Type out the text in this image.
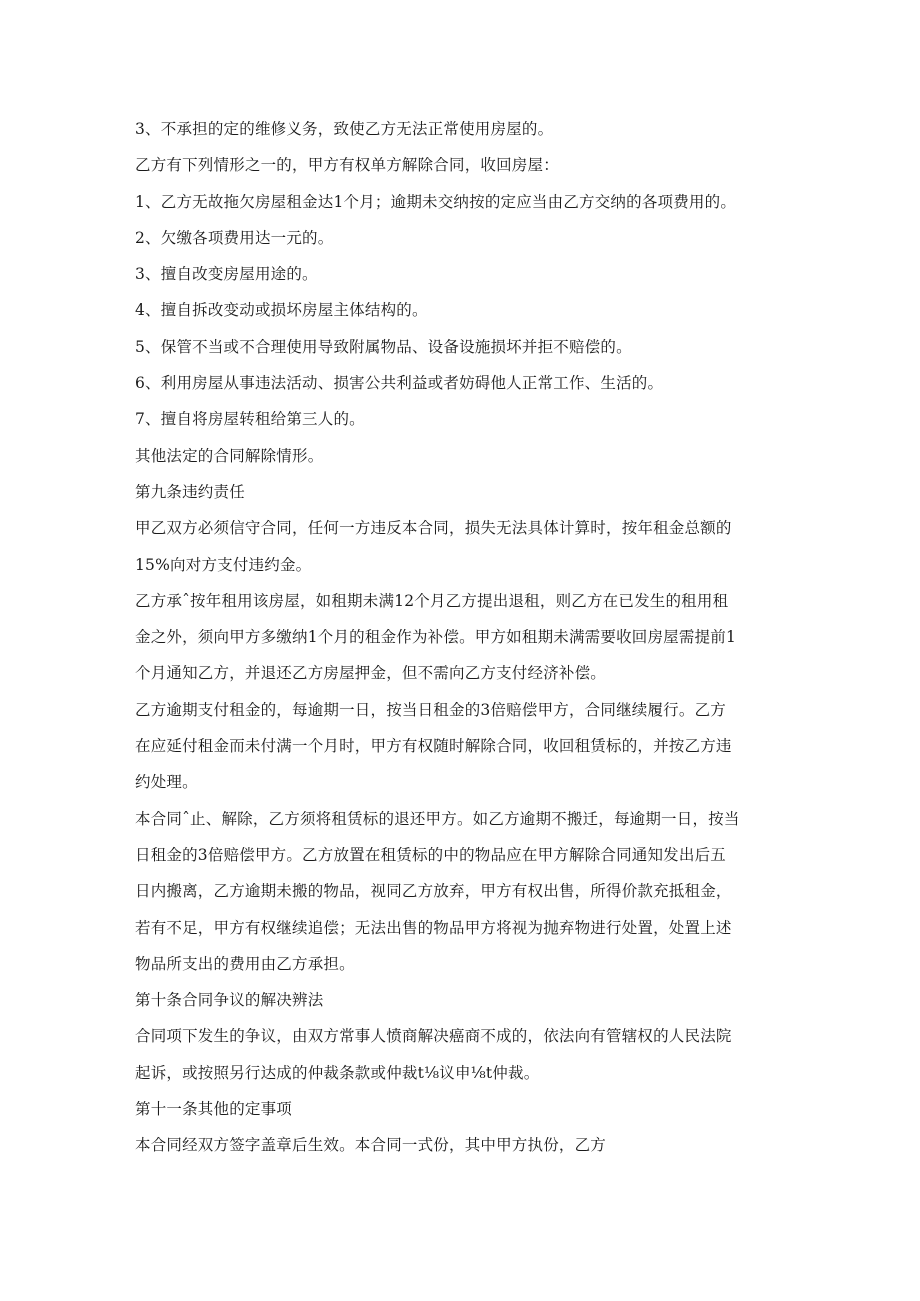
3、不承担的定的维修义务，致使乙方无法正常使用房屋的。
乙方有下列情形之一的，甲方有权单方解除合同，收回房屋：
1、乙方无故拖欠房屋租金达1个月；逾期未交纳按的定应当由乙方交纳的各项费用的。
2、欠缴各项费用达一元的。
3、擅自改变房屋用途的。
4、擅自拆改变动或损坏房屋主体结构的。
5、保管不当或不合理使用导致附属物品、设备设施损坏并拒不赔偿的。
6、利用房屋从事违法活动、损害公共利益或者妨碍他人正常工作、生活的。
7、擅自将房屋转租给第三人的。
其他法定的合同解除情形。
第九条违约责任
甲乙双方必须信守合同，任何一方违反本合同，损失无法具体计算时，按年租金总额的
15%向对方支付违约金。
乙方承ˆ按年租用该房屋，如租期未满12个月乙方提出退租，则乙方在已发生的租用租
金之外，须向甲方多缴纳1个月的租金作为补偿。甲方如租期未满需要收回房屋需提前1
个月通知乙方，并退还乙方房屋押金，但不需向乙方支付经济补偿。
乙方逾期支付租金的，每逾期一日，按当日租金的3倍赔偿甲方，合同继续履行。乙方
在应延付租金而未付满一个月时，甲方有权随时解除合同，收回租赁标的，并按乙方违
约处理。
本合同ˆ止、解除，乙方须将租赁标的退还甲方。如乙方逾期不搬迁，每逾期一日，按当
日租金的3倍赔偿甲方。乙方放置在租赁标的中的物品应在甲方解除合同通知发出后五
日内搬离，乙方逾期未搬的物品，视同乙方放弃，甲方有权出售，所得价款充抵租金，
若有不足，甲方有权继续追偿；无法出售的物品甲方将视为抛弃物进行处置，处置上述
物品所支出的费用由乙方承担。
第十条合同争议的解决辨法
合同项下发生的争议，由双方常事人愤商解决癌商不成的，依法向有管辖权的人民法院
起诉，或按照另行达成的仲裁条款或仲裁t⅛议申⅛t仲裁。
第十一条其他的定事项
本合同经双方签字盖章后生效。本合同一式份，其中甲方执份，乙方
